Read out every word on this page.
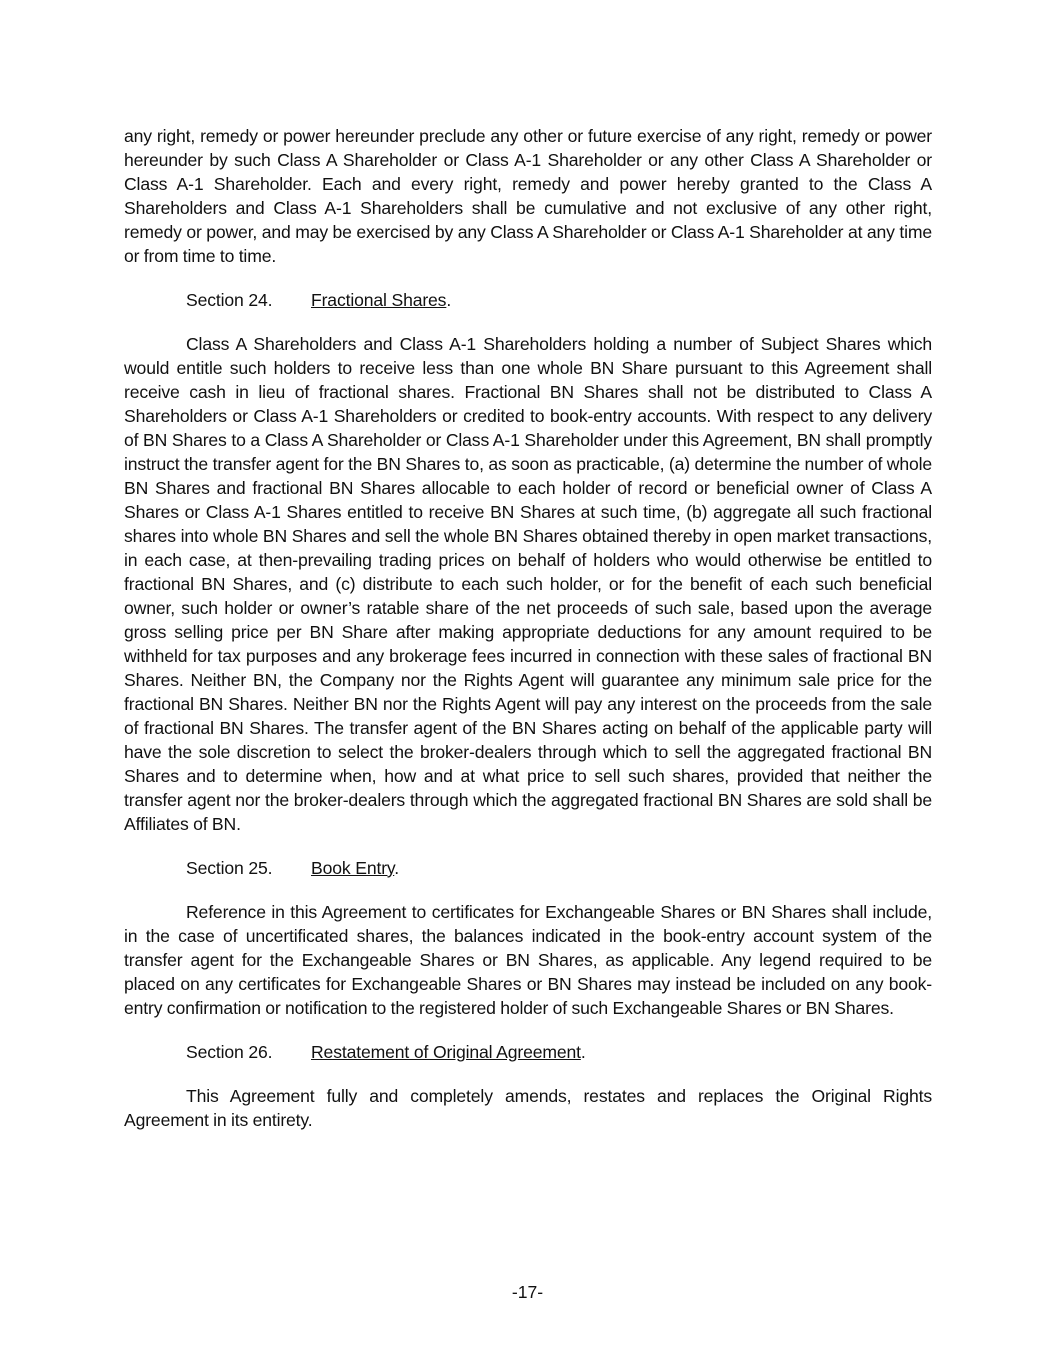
any right, remedy or power hereunder preclude any other or future exercise of any right, remedy or power hereunder by such Class A Shareholder or Class A-1 Shareholder or any other Class A Shareholder or Class A-1 Shareholder. Each and every right, remedy and power hereby granted to the Class A Shareholders and Class A-1 Shareholders shall be cumulative and not exclusive of any other right, remedy or power, and may be exercised by any Class A Shareholder or Class A-1 Shareholder at any time or from time to time.

Section 24. Fractional Shares.

Class A Shareholders and Class A-1 Shareholders holding a number of Subject Shares which would entitle such holders to receive less than one whole BN Share pursuant to this Agreement shall receive cash in lieu of fractional shares. Fractional BN Shares shall not be distributed to Class A Shareholders or Class A-1 Shareholders or credited to book-entry accounts. With respect to any delivery of BN Shares to a Class A Shareholder or Class A-1 Shareholder under this Agreement, BN shall promptly instruct the transfer agent for the BN Shares to, as soon as practicable, (a) determine the number of whole BN Shares and fractional BN Shares allocable to each holder of record or beneficial owner of Class A Shares or Class A-1 Shares entitled to receive BN Shares at such time, (b) aggregate all such fractional shares into whole BN Shares and sell the whole BN Shares obtained thereby in open market transactions, in each case, at then-prevailing trading prices on behalf of holders who would otherwise be entitled to fractional BN Shares, and (c) distribute to each such holder, or for the benefit of each such beneficial owner, such holder or owner’s ratable share of the net proceeds of such sale, based upon the average gross selling price per BN Share after making appropriate deductions for any amount required to be withheld for tax purposes and any brokerage fees incurred in connection with these sales of fractional BN Shares. Neither BN, the Company nor the Rights Agent will guarantee any minimum sale price for the fractional BN Shares. Neither BN nor the Rights Agent will pay any interest on the proceeds from the sale of fractional BN Shares. The transfer agent of the BN Shares acting on behalf of the applicable party will have the sole discretion to select the broker-dealers through which to sell the aggregated fractional BN Shares and to determine when, how and at what price to sell such shares, provided that neither the transfer agent nor the broker-dealers through which the aggregated fractional BN Shares are sold shall be Affiliates of BN.

Section 25. Book Entry.

Reference in this Agreement to certificates for Exchangeable Shares or BN Shares shall include, in the case of uncertificated shares, the balances indicated in the book-entry account system of the transfer agent for the Exchangeable Shares or BN Shares, as applicable. Any legend required to be placed on any certificates for Exchangeable Shares or BN Shares may instead be included on any book-entry confirmation or notification to the registered holder of such Exchangeable Shares or BN Shares.

Section 26. Restatement of Original Agreement.

This Agreement fully and completely amends, restates and replaces the Original Rights Agreement in its entirety.

-17-
